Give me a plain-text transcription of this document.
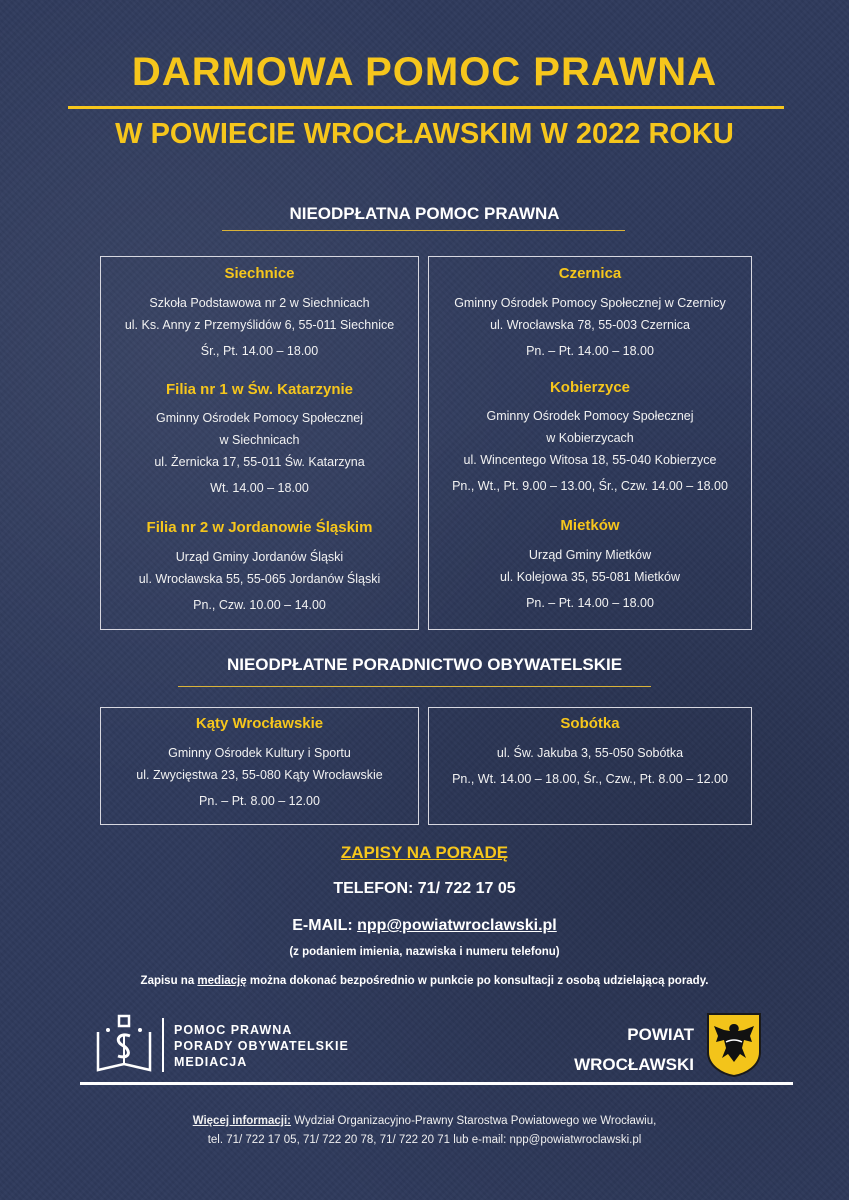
DARMOWA POMOC PRAWNA
W POWIECIE WROCŁAWSKIM W 2022 ROKU
NIEODPŁATNA POMOC PRAWNA
Siechnice
Szkoła Podstawowa nr 2 w Siechnicach
ul. Ks. Anny z Przemyślidów 6, 55-011 Siechnice
Śr., Pt. 14.00 – 18.00
Filia nr 1 w Św. Katarzynie
Gminny Ośrodek Pomocy Społecznej
w Siechnicach
ul. Żernicka 17, 55-011 Św. Katarzyna
Wt. 14.00 – 18.00
Filia nr 2 w Jordanowie Śląskim
Urząd Gminy Jordanów Śląski
ul. Wrocławska 55, 55-065 Jordanów Śląski
Pn., Czw. 10.00 – 14.00
Czernica
Gminny Ośrodek Pomocy Społecznej w Czernicy
ul. Wrocławska 78, 55-003 Czernica
Pn. – Pt. 14.00 – 18.00
Kobierzyce
Gminny Ośrodek Pomocy Społecznej
w Kobierzycach
ul. Wincentego Witosa 18, 55-040 Kobierzyce
Pn., Wt., Pt. 9.00 – 13.00, Śr., Czw. 14.00 – 18.00
Mietków
Urząd Gminy Mietków
ul. Kolejowa 35, 55-081 Mietków
Pn. – Pt. 14.00 – 18.00
NIEODPŁATNE PORADNICTWO OBYWATELSKIE
Kąty Wrocławskie
Gminny Ośrodek Kultury i Sportu
ul. Zwycięstwa 23, 55-080 Kąty Wrocławskie
Pn. – Pt. 8.00 – 12.00
Sobótka
ul. Św. Jakuba 3, 55-050 Sobótka
Pn., Wt. 14.00 – 18.00, Śr., Czw., Pt. 8.00 – 12.00
ZAPISY NA PORADĘ
TELEFON: 71/ 722 17 05
E-MAIL: npp@powiatwroclawski.pl
(z podaniem imienia, nazwiska i numeru telefonu)
Zapisu na mediację można dokonać bezpośrednio w punkcie po konsultacji z osobą udzielającą porady.
POMOC PRAWNA
PORADY OBYWATELSKIE
MEDIACJA
POWIAT
WROCŁAWSKI
Więcej informacji: Wydział Organizacyjno-Prawny Starostwa Powiatowego we Wrocławiu,
tel. 71/ 722 17 05, 71/ 722 20 78, 71/ 722 20 71 lub e-mail: npp@powiatwroclawski.pl
